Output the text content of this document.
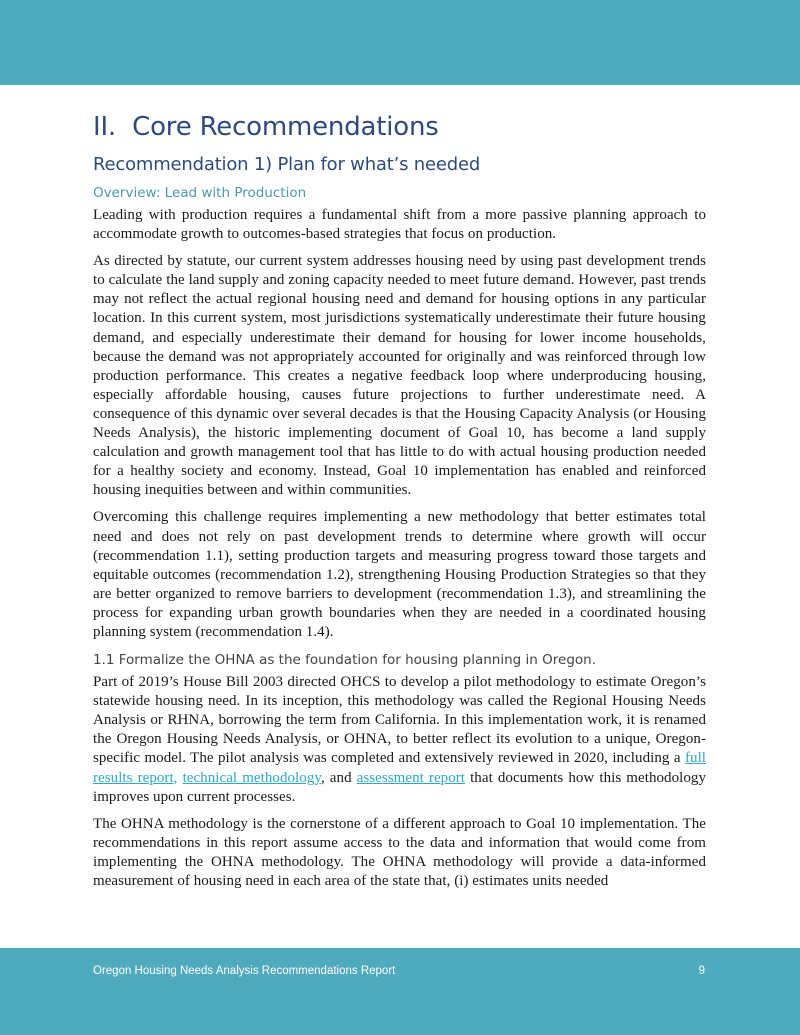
II.  Core Recommendations
Recommendation 1) Plan for what’s needed
Overview: Lead with Production

Leading with production requires a fundamental shift from a more passive planning approach to accommodate growth to outcomes-based strategies that focus on production.

As directed by statute, our current system addresses housing need by using past development trends to calculate the land supply and zoning capacity needed to meet future demand. However, past trends may not reflect the actual regional housing need and demand for housing options in any particular location. In this current system, most jurisdictions systematically underestimate their future housing demand, and especially underestimate their demand for housing for lower income households, because the demand was not appropriately accounted for originally and was reinforced through low production performance. This creates a negative feedback loop where underproducing housing, especially affordable housing, causes future projections to further underestimate need. A consequence of this dynamic over several decades is that the Housing Capacity Analysis (or Housing Needs Analysis), the historic implementing document of Goal 10, has become a land supply calculation and growth management tool that has little to do with actual housing production needed for a healthy society and economy. Instead, Goal 10 implementation has enabled and reinforced housing inequities between and within communities.

Overcoming this challenge requires implementing a new methodology that better estimates total need and does not rely on past development trends to determine where growth will occur (recommendation 1.1), setting production targets and measuring progress toward those targets and equitable outcomes (recommendation 1.2), strengthening Housing Production Strategies so that they are better organized to remove barriers to development (recommendation 1.3), and streamlining the process for expanding urban growth boundaries when they are needed in a coordinated housing planning system (recommendation 1.4).

1.1 Formalize the OHNA as the foundation for housing planning in Oregon.

Part of 2019’s House Bill 2003 directed OHCS to develop a pilot methodology to estimate Oregon’s statewide housing need. In its inception, this methodology was called the Regional Housing Needs Analysis or RHNA, borrowing the term from California. In this implementation work, it is renamed the Oregon Housing Needs Analysis, or OHNA, to better reflect its evolution to a unique, Oregon-specific model. The pilot analysis was completed and extensively reviewed in 2020, including a full results report, technical methodology, and assessment report that documents how this methodology improves upon current processes.

The OHNA methodology is the cornerstone of a different approach to Goal 10 implementation. The recommendations in this report assume access to the data and information that would come from implementing the OHNA methodology. The OHNA methodology will provide a data-informed measurement of housing need in each area of the state that, (i) estimates units needed

Oregon Housing Needs Analysis Recommendations Report	9
